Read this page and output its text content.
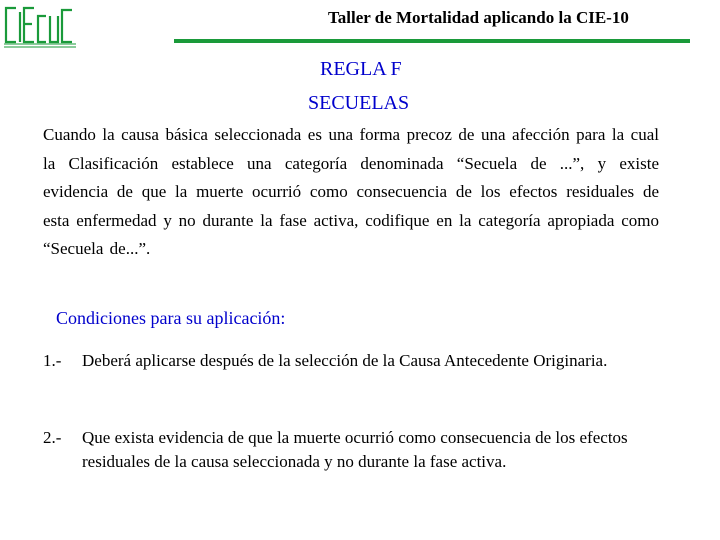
Taller de Mortalidad aplicando la CIE-10
REGLA F
SECUELAS
Cuando la causa básica seleccionada es una forma precoz de una afección para la cual la Clasificación establece una categoría denominada “Secuela de ...”, y existe evidencia de que la muerte ocurrió como consecuencia de los efectos residuales de esta enfermedad y no durante la fase activa, codifique en la categoría apropiada como “Secuela de...”.
Condiciones para su aplicación:
1.- Deberá aplicarse después de la selección de la Causa Antecedente Originaria.
2.- Que exista evidencia de que la muerte ocurrió como consecuencia de los efectos residuales de la causa seleccionada y no durante la fase activa.
